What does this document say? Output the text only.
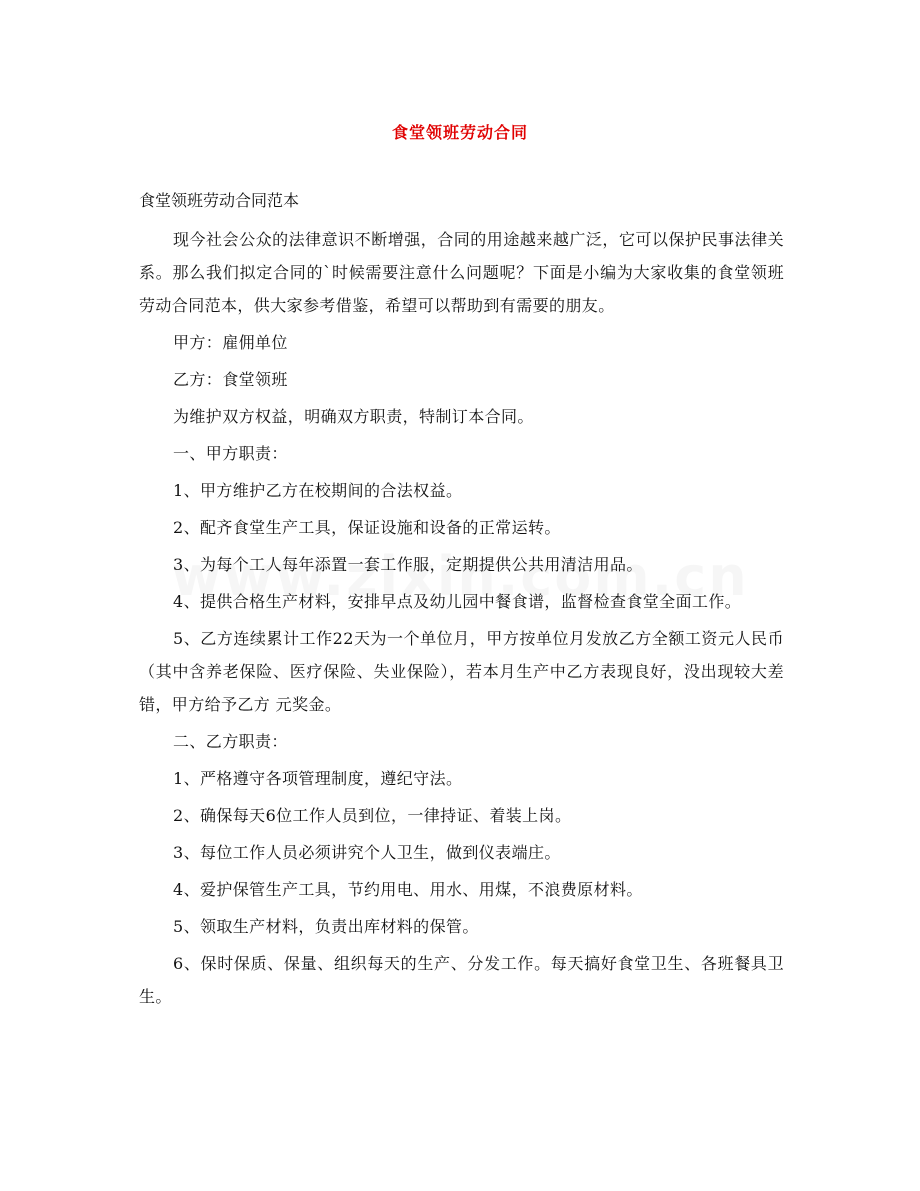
食堂领班劳动合同
食堂领班劳动合同范本

现今社会公众的法律意识不断增强，合同的用途越来越广泛，它可以保护民事法律关系。那么我们拟定合同的`时候需要注意什么问题呢？下面是小编为大家收集的食堂领班劳动合同范本，供大家参考借鉴，希望可以帮助到有需要的朋友。

甲方：雇佣单位

乙方：食堂领班

为维护双方权益，明确双方职责，特制订本合同。

一、甲方职责：

1、甲方维护乙方在校期间的合法权益。

2、配齐食堂生产工具，保证设施和设备的正常运转。

3、为每个工人每年添置一套工作服，定期提供公共用清洁用品。

4、提供合格生产材料，安排早点及幼儿园中餐食谱，监督检查食堂全面工作。

5、乙方连续累计工作22天为一个单位月，甲方按单位月发放乙方全额工资元人民币（其中含养老保险、医疗保险、失业保险），若本月生产中乙方表现良好，没出现较大差错，甲方给予乙方 元奖金。

二、乙方职责：

1、严格遵守各项管理制度，遵纪守法。

2、确保每天6位工作人员到位，一律持证、着装上岗。

3、每位工作人员必须讲究个人卫生，做到仪表端庄。

4、爱护保管生产工具，节约用电、用水、用煤，不浪费原材料。

5、领取生产材料，负责出库材料的保管。

6、保时保质、保量、组织每天的生产、分发工作。每天搞好食堂卫生、各班餐具卫生。
